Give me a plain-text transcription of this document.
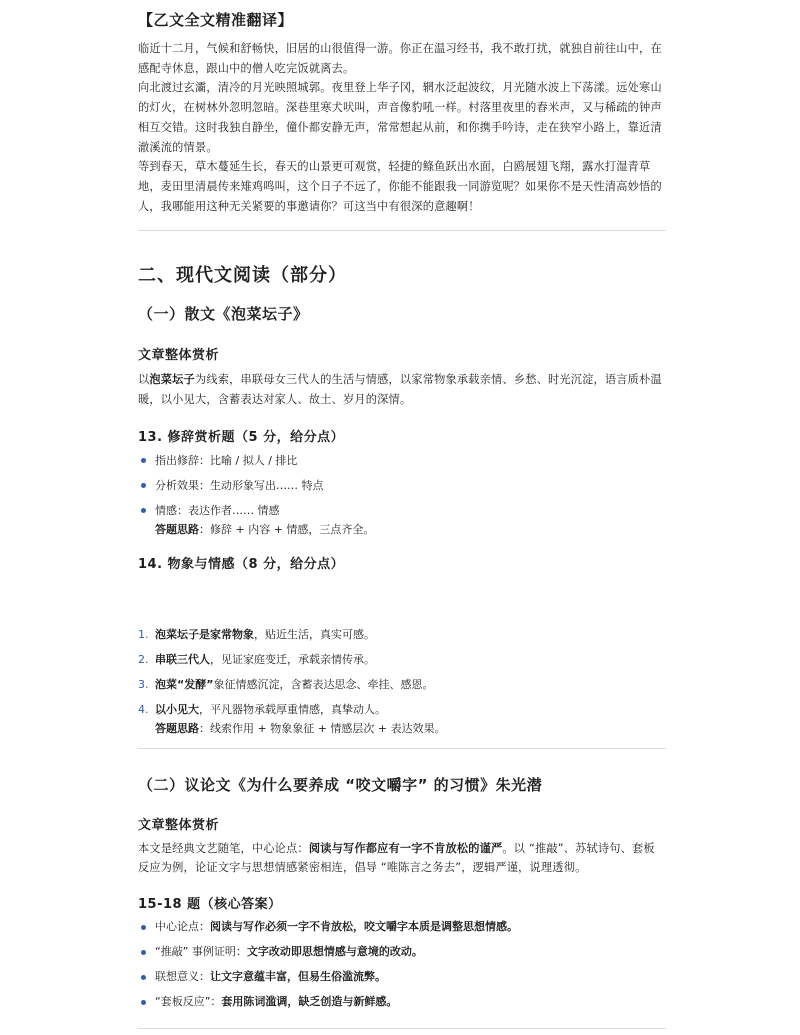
【乙文全文精准翻译】

临近十二月，气候和舒畅快，旧居的山很值得一游。你正在温习经书，我不敢打扰，就独自前往山中，在感配寺休息，跟山中的僧人吃完饭就离去。

向北渡过玄灞，清冷的月光映照城郭。夜里登上华子冈，辋水泛起波纹，月光随水波上下荡漾。远处寒山的灯火，在树林外忽明忽暗。深巷里寒犬吠叫，声音像豹吼一样。村落里夜里的舂米声，又与稀疏的钟声相互交错。这时我独自静坐，僮仆都安静无声，常常想起从前，和你携手吟诗，走在狭窄小路上，靠近清澈溪流的情景。

等到春天，草木蔓延生长，春天的山景更可观赏，轻捷的鲦鱼跃出水面，白鸥展翅飞翔，露水打湿青草地，麦田里清晨传来雉鸡鸣叫，这个日子不远了，你能不能跟我一同游览呢？如果你不是天性清高妙悟的人，我哪能用这种无关紧要的事邀请你？可这当中有很深的意趣啊！

二、现代文阅读（部分）
（一）散文《泡菜坛子》
文章整体赏析

以泡菜坛子为线索，串联母女三代人的生活与情感，以家常物象承载亲情、乡愁、时光沉淀，语言质朴温暖，以小见大，含蓄表达对家人、故土、岁月的深情。

13. 修辞赏析题（5 分，给分点）
指出修辞：比喻 / 拟人 / 排比
分析效果：生动形象写出…… 特点
情感：表达作者…… 情感
答题思路：修辞 + 内容 + 情感，三点齐全。
14. 物象与情感（8 分，给分点）
1. 泡菜坛子是家常物象，贴近生活，真实可感。
2. 串联三代人，见证家庭变迁，承载亲情传承。
3. 泡菜“发酵”象征情感沉淀，含蓄表达思念、牵挂、感恩。
4. 以小见大，平凡器物承载厚重情感，真挚动人。
答题思路：线索作用 + 物象象征 + 情感层次 + 表达效果。
（二）议论文《为什么要养成 “咬文嚼字” 的习惯》朱光潜
文章整体赏析

本文是经典文艺随笔，中心论点：阅读与写作都应有一字不肯放松的谨严。以 “推敲”、苏轼诗句、套板反应为例，论证文字与思想情感紧密相连，倡导 “唯陈言之务去”，逻辑严谨，说理透彻。

15-18 题（核心答案）
中心论点：阅读与写作必须一字不肯放松，咬文嚼字本质是调整思想情感。
“推敲” 事例证明：文字改动即思想情感与意境的改动。
联想意义：让文字意蕴丰富，但易生俗滥流弊。
“套板反应”：套用陈词滥调，缺乏创造与新鲜感。
